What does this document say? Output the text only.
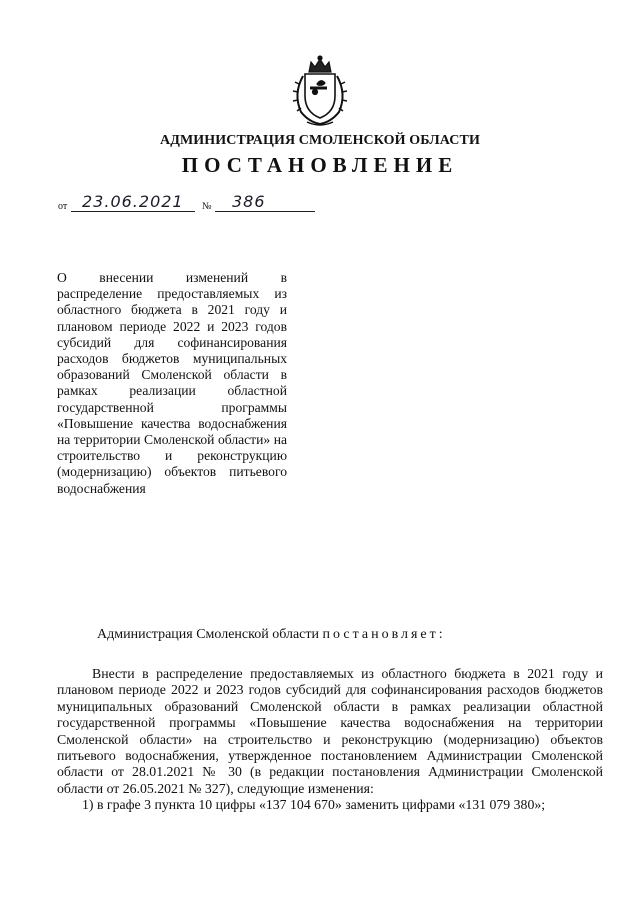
АДМИНИСТРАЦИЯ СМОЛЕНСКОЙ ОБЛАСТИ
ПОСТАНОВЛЕНИЕ
от 23.06.2021 № 386
О внесении изменений в распределение предоставляемых из областного бюджета в 2021 году и плановом периоде 2022 и 2023 годов субсидий для софинансирования расходов бюджетов муниципальных образований Смоленской области в рамках реализации областной государственной программы «Повышение качества водоснабжения на территории Смоленской области» на строительство и реконструкцию (модернизацию) объектов питьевого водоснабжения
Администрация Смоленской области постановляет:

Внести в распределение предоставляемых из областного бюджета в 2021 году и плановом периоде 2022 и 2023 годов субсидий для софинансирования расходов бюджетов муниципальных образований Смоленской области в рамках реализации областной государственной программы «Повышение качества водоснабжения на территории Смоленской области» на строительство и реконструкцию (модернизацию) объектов питьевого водоснабжения, утвержденное постановлением Администрации Смоленской области от 28.01.2021 № 30 (в редакции постановления Администрации Смоленской области от 26.05.2021 № 327), следующие изменения:

1) в графе 3 пункта 10 цифры «137 104 670» заменить цифрами «131 079 380»;
